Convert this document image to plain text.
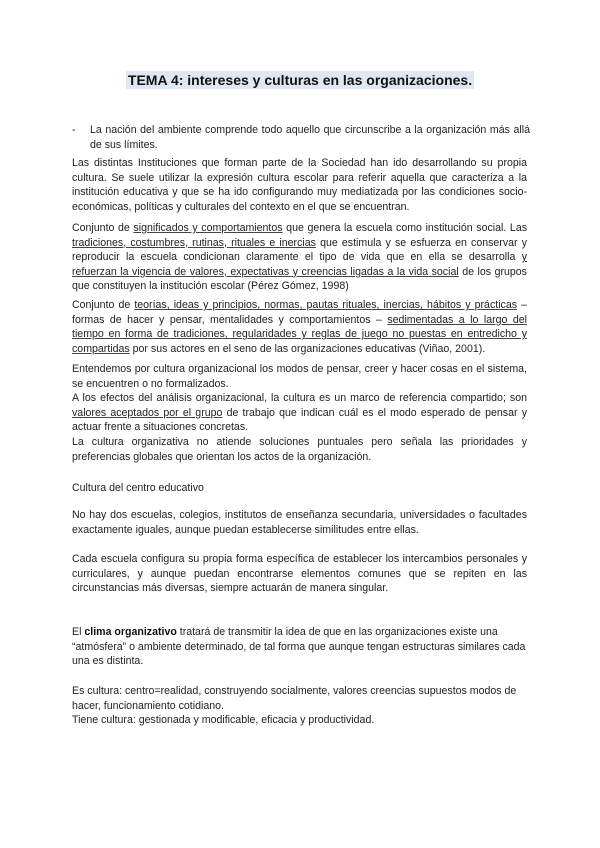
TEMA 4: intereses y culturas en las organizaciones.
- La nación del ambiente comprende todo aquello que circunscribe a la organización más allá de sus límites.
Las distintas Instituciones que forman parte de la Sociedad han ido desarrollando su propia cultura. Se suele utilizar la expresión cultura escolar para referir aquella que caracteriza a la institución educativa y que se ha ido configurando muy mediatizada por las condiciones socio-económicas, políticas y culturales del contexto en el que se encuentran.
Conjunto de significados y comportamientos que genera la escuela como institución social. Las tradiciones, costumbres, rutinas, rituales e inercias que estimula y se esfuerza en conservar y reproducir la escuela condicionan claramente el tipo de vida que en ella se desarrolla y refuerzan la vigencia de valores, expectativas y creencias ligadas a la vida social de los grupos que constituyen la institución escolar (Pérez Gómez, 1998)
Conjunto de teorías, ideas y principios, normas, pautas rituales, inercias, hábitos y prácticas – formas de hacer y pensar, mentalidades y comportamientos – sedimentadas a lo largo del tiempo en forma de tradiciones, regularidades y reglas de juego no puestas en entredicho y compartidas por sus actores en el seno de las organizaciones educativas (Viñao, 2001).
Entendemos por cultura organizacional los modos de pensar, creer y hacer cosas en el sistema, se encuentren o no formalizados.
A los efectos del análisis organizacional, la cultura es un marco de referencia compartido; son valores aceptados por el grupo de trabajo que indican cuál es el modo esperado de pensar y actuar frente a situaciones concretas.
La cultura organizativa no atiende soluciones puntuales pero señala las prioridades y preferencias globales que orientan los actos de la organización.
Cultura del centro educativo
No hay dos escuelas, colegios, institutos de enseñanza secundaria, universidades o facultades exactamente iguales, aunque puedan establecerse similitudes entre ellas.
Cada escuela configura su propia forma específica de establecer los intercambios personales y curriculares, y aunque puedan encontrarse elementos comunes que se repiten en las circunstancias más diversas, siempre actuarán de manera singular.
El clima organizativo tratará de transmitir la idea de que en las organizaciones existe una “atmósfera” o ambiente determinado, de tal forma que aunque tengan estructuras similares cada una es distinta.
Es cultura: centro=realidad, construyendo socialmente, valores creencias supuestos modos de hacer, funcionamiento cotidiano.
Tiene cultura: gestionada y modificable, eficacia y productividad.
